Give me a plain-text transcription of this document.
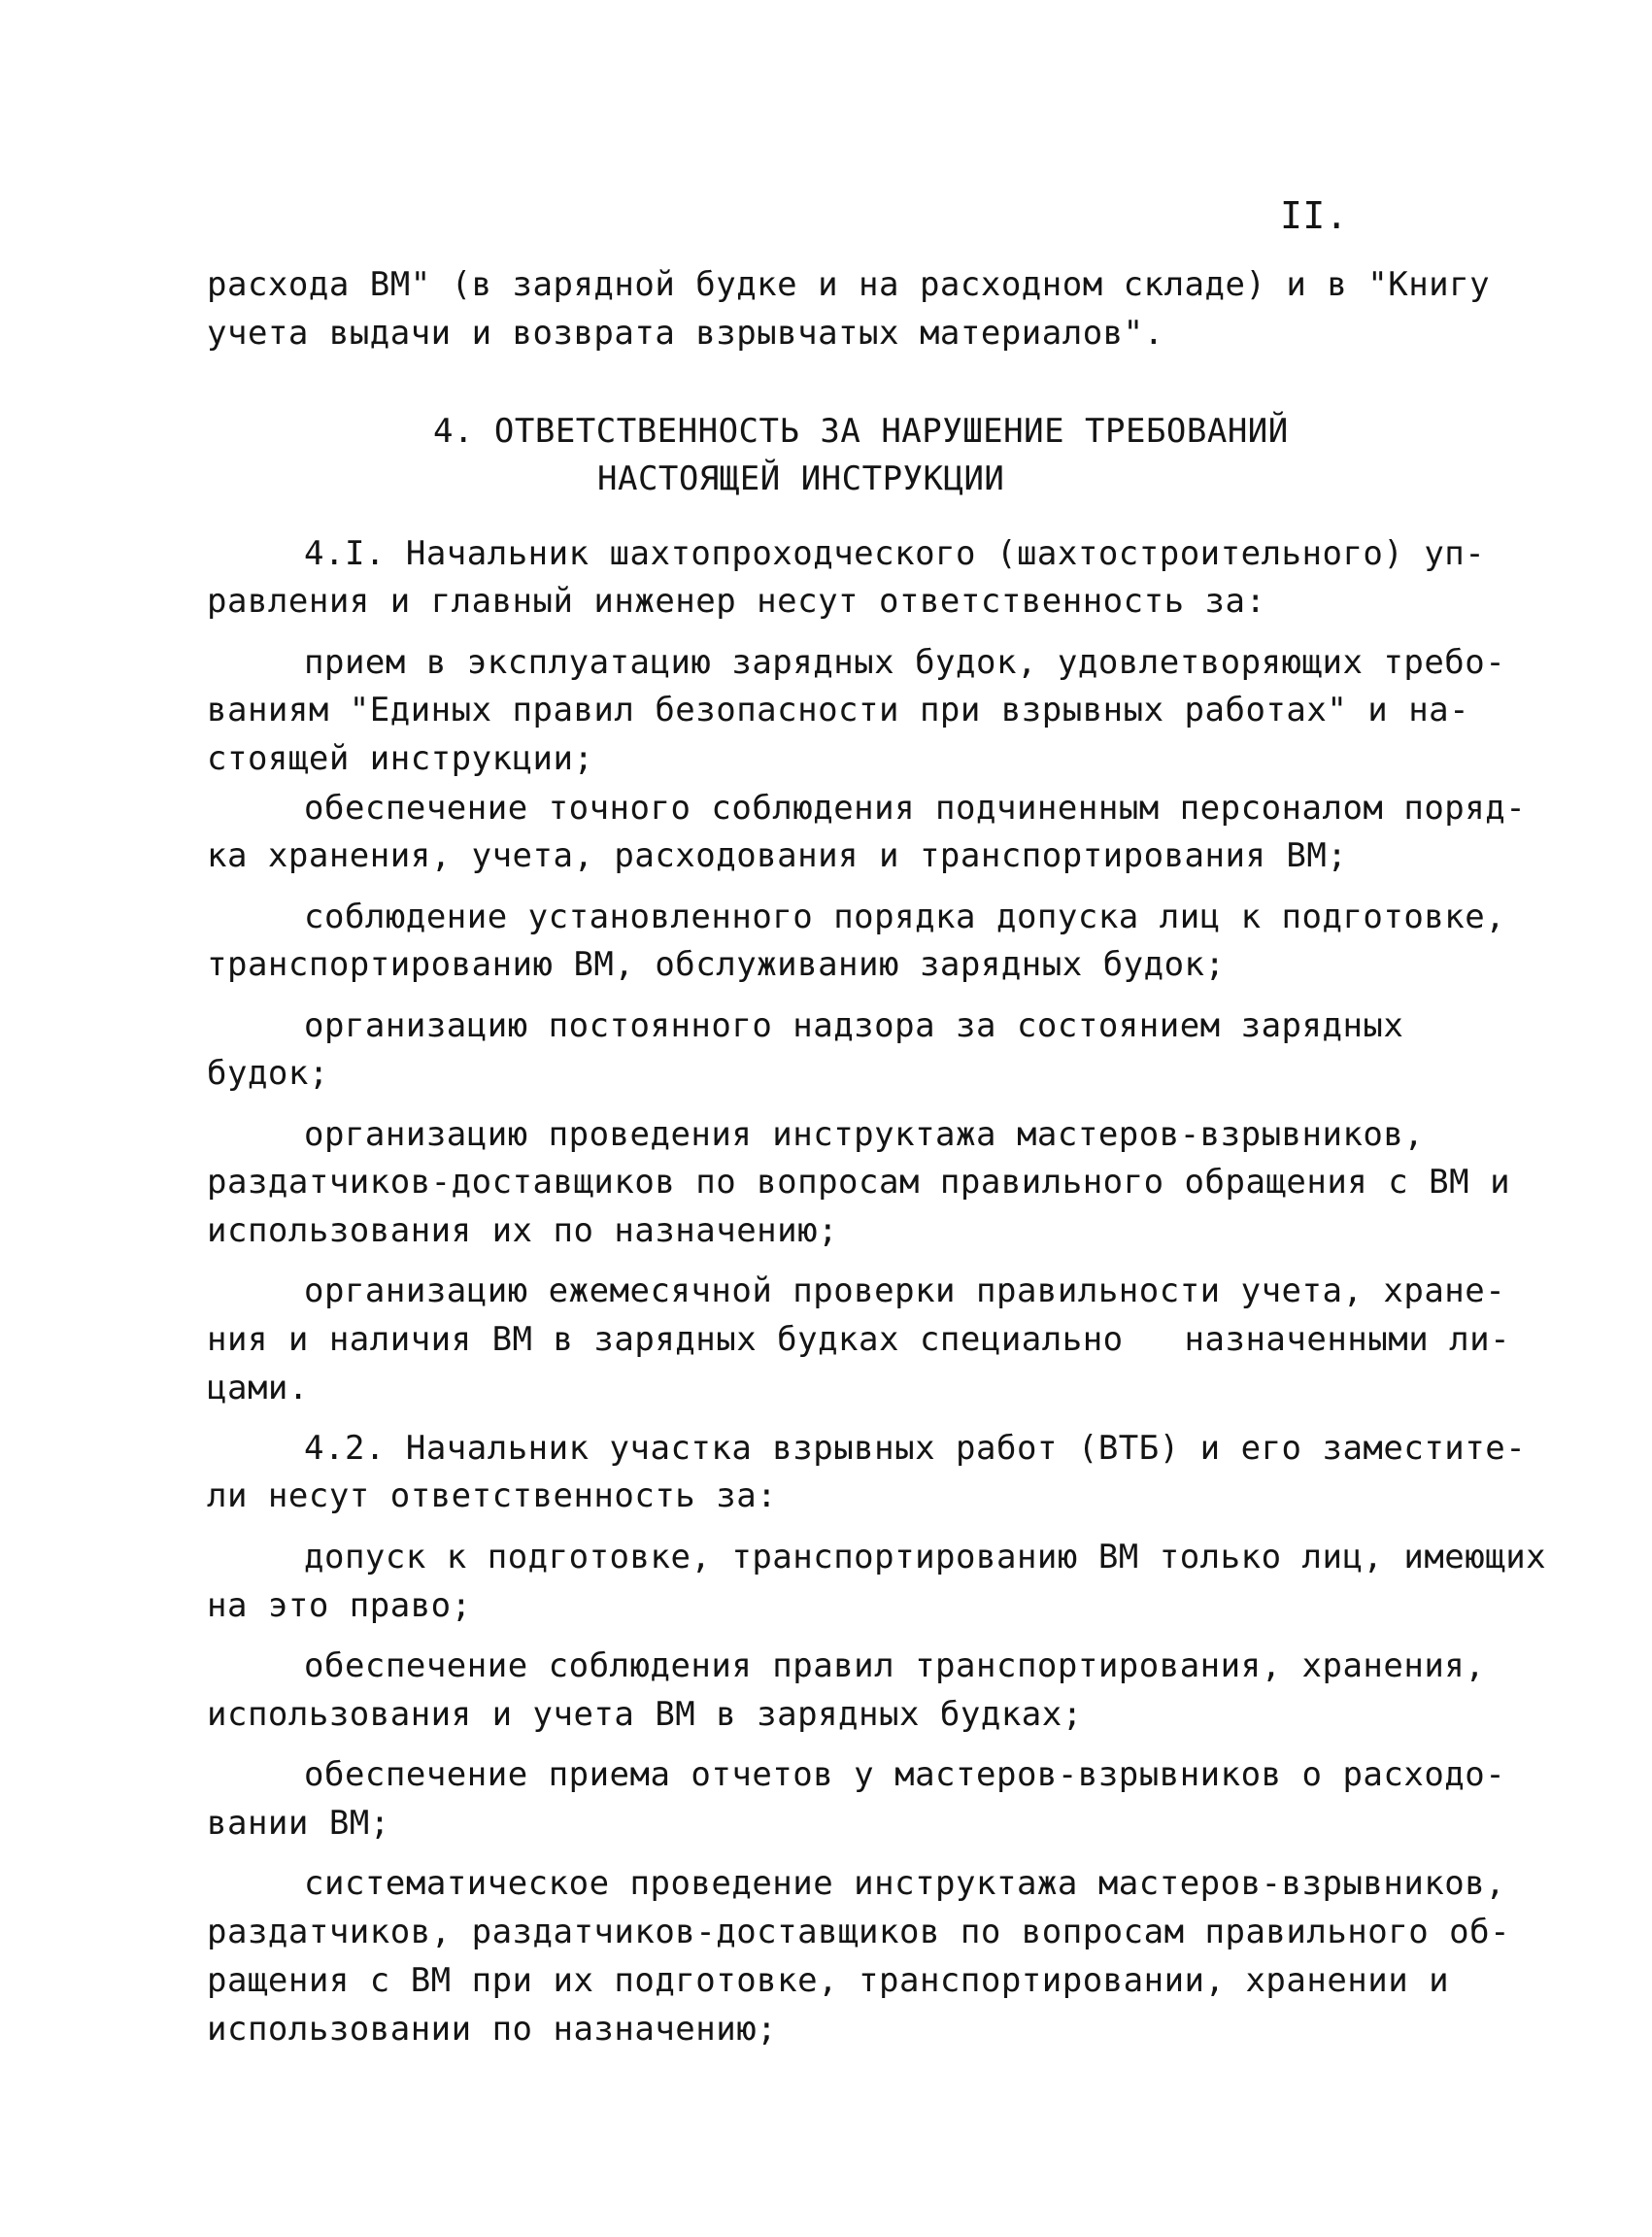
II.
расхода ВМ" (в зарядной будке и на расходном складе) и в "Книгу
учета выдачи и возврата взрывчатых материалов".
4. ОТВЕТСТВЕННОСТЬ ЗА НАРУШЕНИЕ ТРЕБОВАНИЙ
НАСТОЯЩЕЙ ИНСТРУКЦИИ
4.I. Начальник шахтопроходческого (шахтостроительного) уп-
равления и главный инженер несут ответственность за:
прием в эксплуатацию зарядных будок, удовлетворяющих требо-
ваниям "Единых правил безопасности при взрывных работах" и на-
стоящей инструкции;
обеспечение точного соблюдения подчиненным персоналом поряд-
ка хранения, учета, расходования и транспортирования ВМ;
соблюдение установленного порядка допуска лиц к подготовке,
транспортированию ВМ, обслуживанию зарядных будок;
организацию постоянного надзора за состоянием зарядных
будок;
организацию проведения инструктажа мастеров-взрывников,
раздатчиков-доставщиков по вопросам правильного обращения с ВМ и
использования их по назначению;
организацию ежемесячной проверки правильности учета, хране-
ния и наличия ВМ в зарядных будках специально   назначенными ли-
цами.
4.2. Начальник участка взрывных работ (ВТБ) и его заместите-
ли несут ответственность за:
допуск к подготовке, транспортированию ВМ только лиц, имеющих
на это право;
обеспечение соблюдения правил транспортирования, хранения,
использования и учета ВМ в зарядных будках;
обеспечение приема отчетов у мастеров-взрывников о расходо-
вании ВМ;
систематическое проведение инструктажа мастеров-взрывников,
раздатчиков, раздатчиков-доставщиков по вопросам правильного об-
ращения с ВМ при их подготовке, транспортировании, хранении и
использовании по назначению;
